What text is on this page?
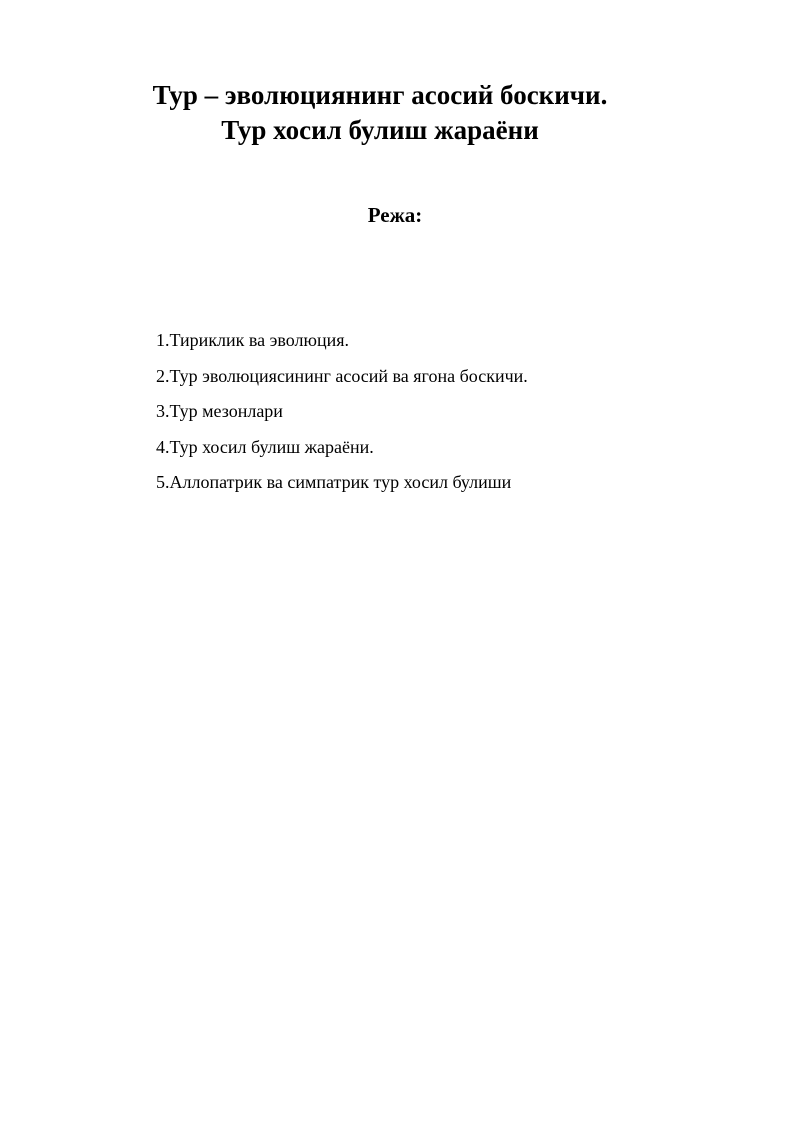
Тур – эволюциянинг асосий боскичи.
Тур хосил булиш жараёни
Режа:
1.Тириклик ва эволюция.
2.Тур эволюциясининг асосий ва ягона боскичи.
3.Тур мезонлари
4.Тур хосил булиш жараёни.
5.Аллопатрик ва симпатрик тур хосил булиши
